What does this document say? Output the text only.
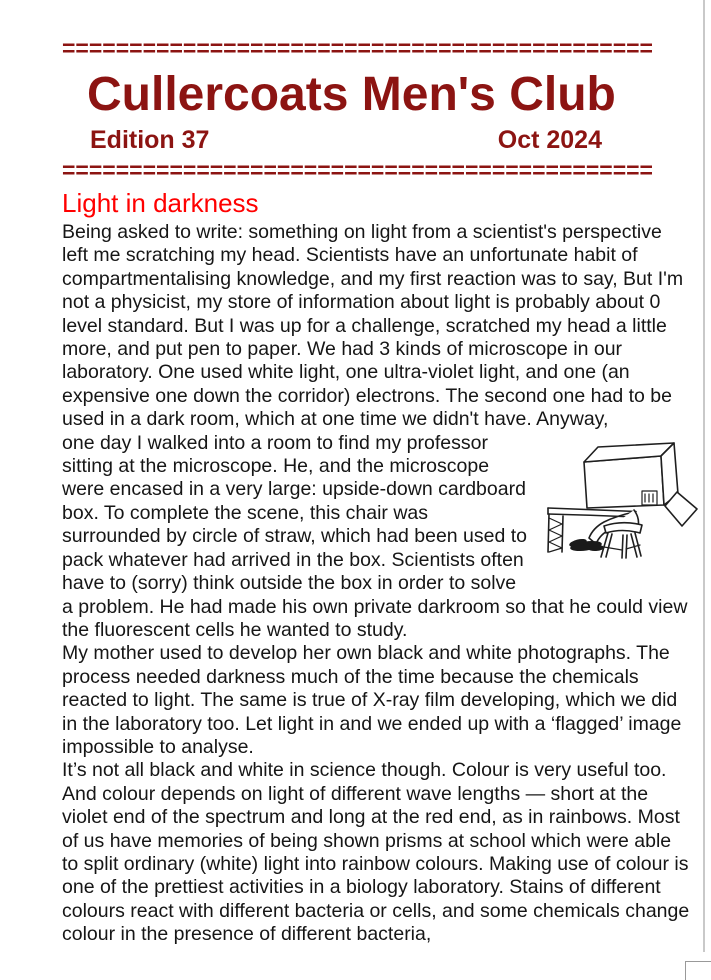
============================================
Cullercoats Men's Club
Edition 37	Oct 2024
============================================
Light in darkness

Being asked to write: something on light from a scientist's perspective left me scratching my head. Scientists have an unfortunate habit of compartmentalising knowledge, and my first reaction was to say, But I'm not a physicist, my store of information about light is probably about 0 level standard. But I was up for a challenge, scratched my head a little more, and put pen to paper. We had 3 kinds of microscope in our laboratory. One used white light, one ultra-violet light, and one (an expensive one down the corridor) electrons. The second one had to be used in a dark room, which at one time we didn't have. Anyway,

one day I walked into a room to find my professor sitting at the microscope. He, and the microscope were encased in a very large: upside-down cardboard box. To complete the scene, this chair was surrounded by circle of straw, which had been used to pack whatever had arrived in the box. Scientists often have to (sorry) think outside the box in order to solve a problem. He had made his own private darkroom so that he could view the fluorescent cells he wanted to study.

My mother used to develop her own black and white photographs. The process needed darkness much of the time because the chemicals reacted to light. The same is true of X-ray film developing, which we did in the laboratory too. Let light in and we ended up with a ‘flagged’ image impossible to analyse.

It’s not all black and white in science though. Colour is very useful too. And colour depends on light of different wave lengths — short at the violet end of the spectrum and long at the red end, as in rainbows. Most of us have memories of being shown prisms at school which were able to split ordinary (white) light into rainbow colours. Making use of colour is one of the prettiest activities in a biology laboratory. Stains of different colours react with different bacteria or cells, and some chemicals change colour in the presence of different bacteria,
